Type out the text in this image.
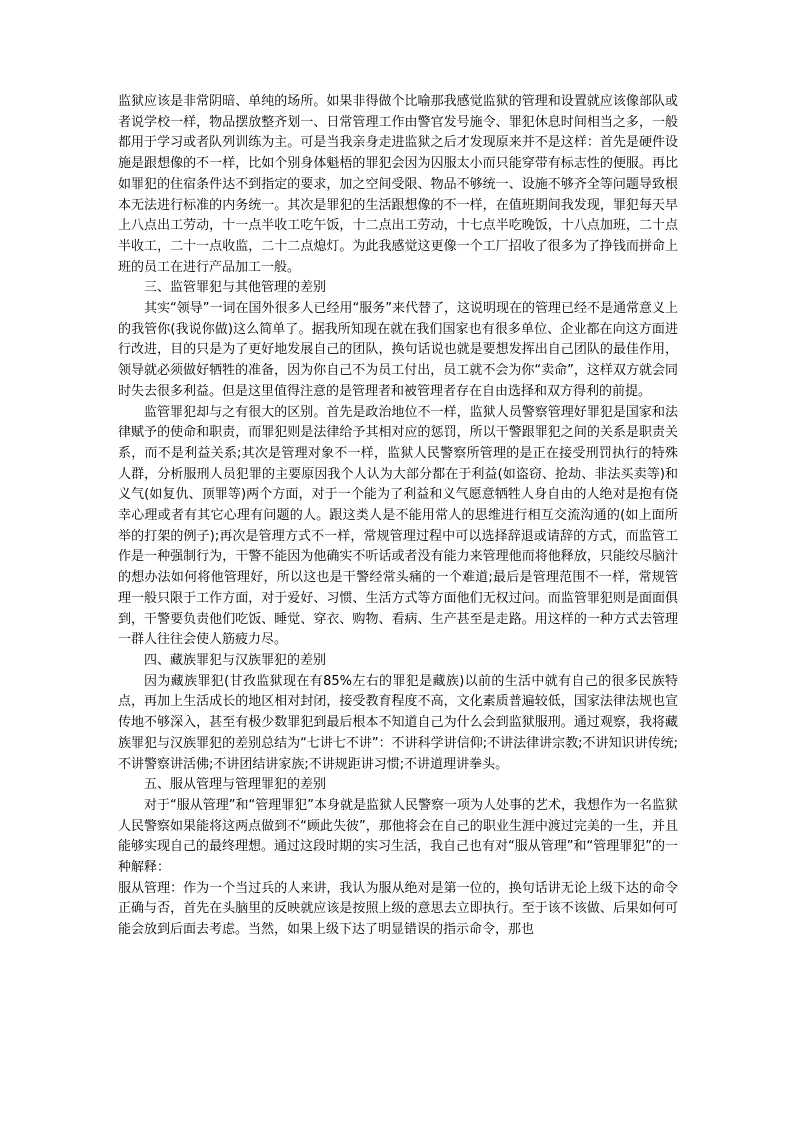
监狱应该是非常阴暗、单纯的场所。如果非得做个比喻那我感觉监狱的管理和设置就应该像部队或者说学校一样，物品摆放整齐划一、日常管理工作由警官发号施令、罪犯休息时间相当之多，一般都用于学习或者队列训练为主。可是当我亲身走进监狱之后才发现原来并不是这样：首先是硬件设施是跟想像的不一样，比如个别身体魁梧的罪犯会因为囚服太小而只能穿带有标志性的便服。再比如罪犯的住宿条件达不到指定的要求，加之空间受限、物品不够统一、设施不够齐全等问题导致根本无法进行标准的内务统一。其次是罪犯的生活跟想像的不一样，在值班期间我发现，罪犯每天早上八点出工劳动，十一点半收工吃午饭，十二点出工劳动，十七点半吃晚饭，十八点加班，二十点半收工，二十一点收监，二十二点熄灯。为此我感觉这更像一个工厂招收了很多为了挣钱而拼命上班的员工在进行产品加工一般。

三、监管罪犯与其他管理的差别

其实“领导”一词在国外很多人已经用“服务”来代替了，这说明现在的管理已经不是通常意义上的我管你(我说你做)这么简单了。据我所知现在就在我们国家也有很多单位、企业都在向这方面进行改进，目的只是为了更好地发展自己的团队，换句话说也就是要想发挥出自己团队的最佳作用，领导就必须做好牺牲的准备，因为你自己不为员工付出，员工就不会为你“卖命”，这样双方就会同时失去很多利益。但是这里值得注意的是管理者和被管理者存在自由选择和双方得利的前提。

监管罪犯却与之有很大的区别。首先是政治地位不一样，监狱人员警察管理好罪犯是国家和法律赋予的使命和职责，而罪犯则是法律给予其相对应的惩罚，所以干警跟罪犯之间的关系是职责关系，而不是利益关系;其次是管理对象不一样，监狱人民警察所管理的是正在接受刑罚执行的特殊人群，分析服刑人员犯罪的主要原因我个人认为大部分都在于利益(如盗窃、抢劫、非法买卖等)和义气(如复仇、顶罪等)两个方面，对于一个能为了利益和义气愿意牺牲人身自由的人绝对是抱有侥幸心理或者有其它心理有问题的人。跟这类人是不能用常人的思维进行相互交流沟通的(如上面所举的打架的例子);再次是管理方式不一样，常规管理过程中可以选择辞退或请辞的方式，而监管工作是一种强制行为，干警不能因为他确实不听话或者没有能力来管理他而将他释放，只能绞尽脑汁的想办法如何将他管理好，所以这也是干警经常头痛的一个难道;最后是管理范围不一样，常规管理一般只限于工作方面，对于爱好、习惯、生活方式等方面他们无权过问。而监管罪犯则是面面俱到，干警要负责他们吃饭、睡觉、穿衣、购物、看病、生产甚至是走路。用这样的一种方式去管理一群人往往会使人筋疲力尽。

四、藏族罪犯与汉族罪犯的差别

因为藏族罪犯(甘孜监狱现在有85%左右的罪犯是藏族)以前的生活中就有自己的很多民族特点，再加上生活成长的地区相对封闭，接受教育程度不高，文化素质普遍较低，国家法律法规也宣传地不够深入，甚至有极少数罪犯到最后根本不知道自己为什么会到监狱服刑。通过观察，我将藏族罪犯与汉族罪犯的差别总结为“七讲七不讲”：不讲科学讲信仰;不讲法律讲宗教;不讲知识讲传统;不讲警察讲活佛;不讲团结讲家族;不讲规距讲习惯;不讲道理讲拳头。

五、服从管理与管理罪犯的差别

对于“服从管理”和“管理罪犯”本身就是监狱人民警察一项为人处事的艺术，我想作为一名监狱人民警察如果能将这两点做到不“顾此失彼”，那他将会在自己的职业生涯中渡过完美的一生，并且能够实现自己的最终理想。通过这段时期的实习生活，我自己也有对“服从管理”和“管理罪犯”的一种解释：

服从管理：作为一个当过兵的人来讲，我认为服从绝对是第一位的，换句话讲无论上级下达的命令正确与否，首先在头脑里的反映就应该是按照上级的意思去立即执行。至于该不该做、后果如何可能会放到后面去考虑。当然，如果上级下达了明显错误的指示命令，那也
